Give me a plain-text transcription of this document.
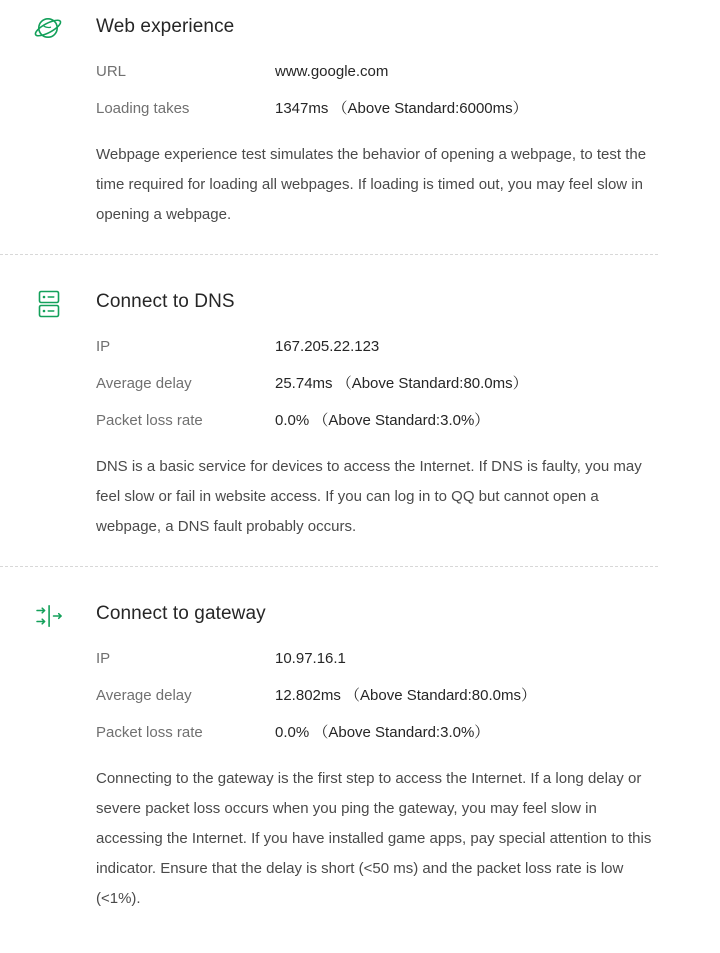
Web experience
URL	www.google.com
Loading takes	1347ms （Above Standard:6000ms）
Webpage experience test simulates the behavior of opening a webpage, to test the time required for loading all webpages. If loading is timed out, you may feel slow in opening a webpage.
Connect to DNS
IP	167.205.22.123
Average delay	25.74ms （Above Standard:80.0ms）
Packet loss rate	0.0% （Above Standard:3.0%）
DNS is a basic service for devices to access the Internet. If DNS is faulty, you may feel slow or fail in website access. If you can log in to QQ but cannot open a webpage, a DNS fault probably occurs.
Connect to gateway
IP	10.97.16.1
Average delay	12.802ms （Above Standard:80.0ms）
Packet loss rate	0.0% （Above Standard:3.0%）
Connecting to the gateway is the first step to access the Internet. If a long delay or severe packet loss occurs when you ping the gateway, you may feel slow in accessing the Internet. If you have installed game apps, pay special attention to this indicator. Ensure that the delay is short (<50 ms) and the packet loss rate is low (<1%).
